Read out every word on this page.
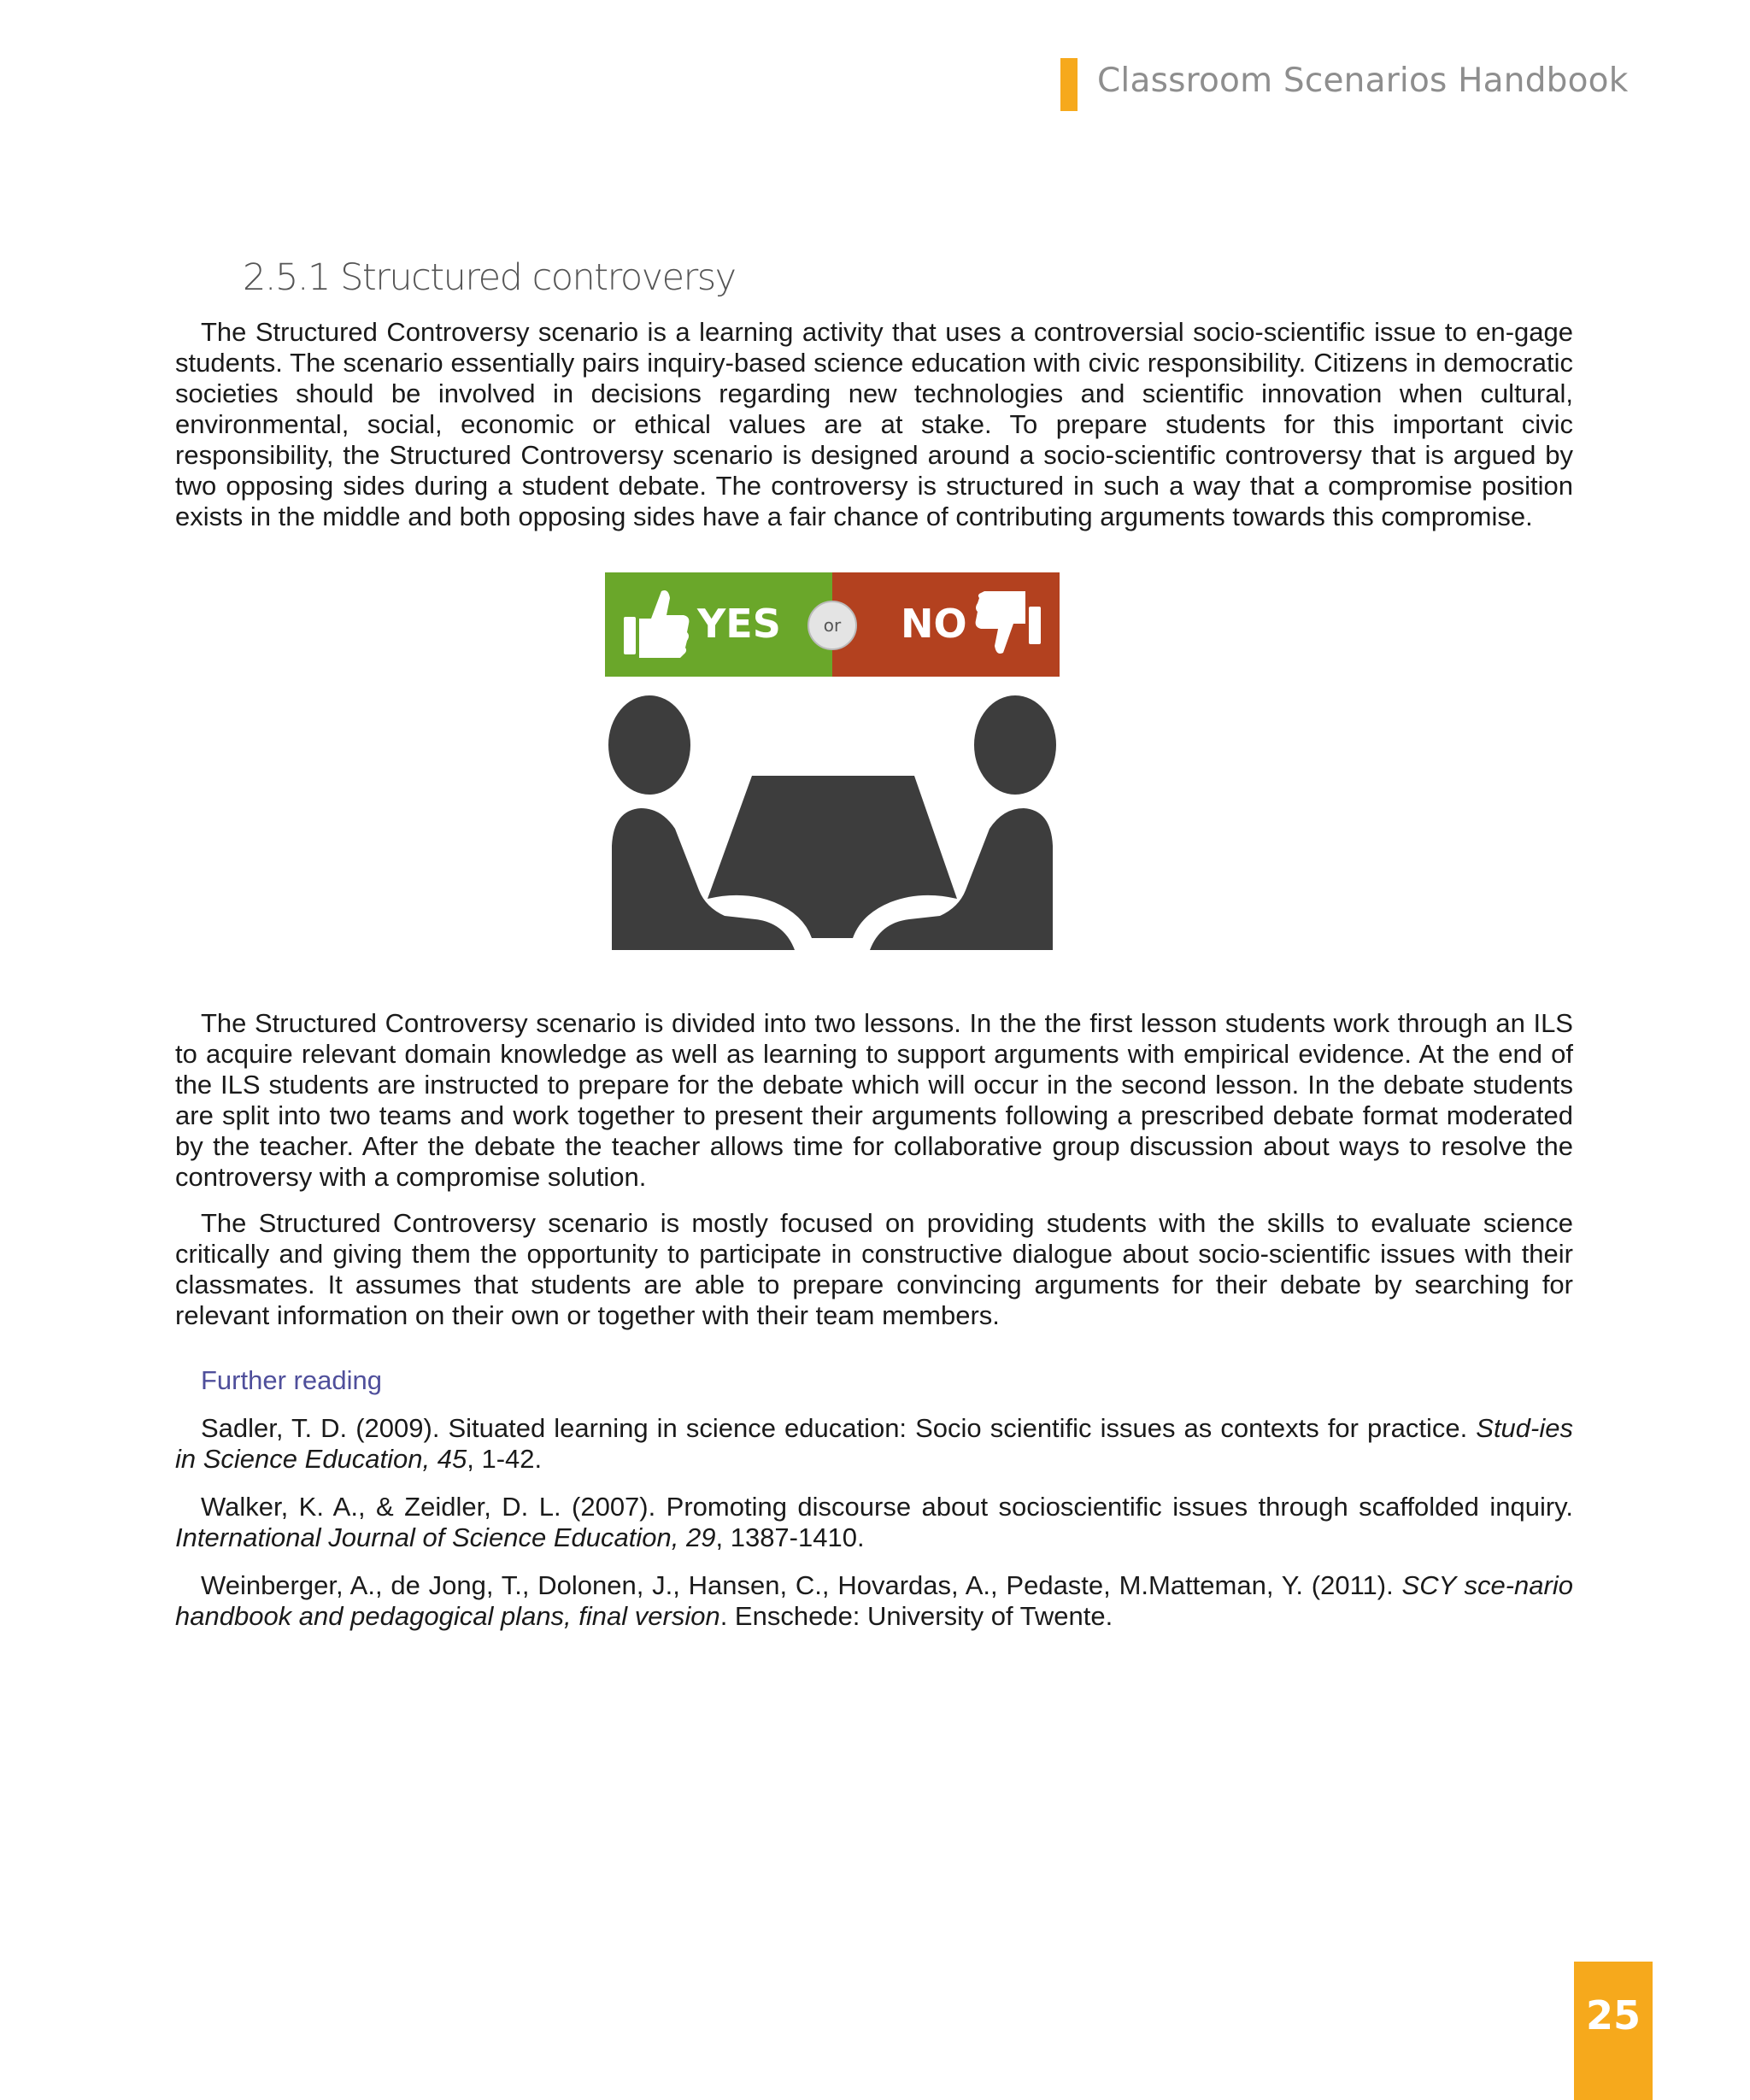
Classroom Scenarios Handbook
2.5.1 Structured controversy

The Structured Controversy scenario is a learning activity that uses a controversial socio-scientific issue to en-gage students. The scenario essentially pairs inquiry-based science education with civic responsibility. Citizens in democratic societies should be involved in decisions regarding new technologies and scientific innovation when cultural, environmental, social, economic or ethical values are at stake. To prepare students for this important civic responsibility, the Structured Controversy scenario is designed around a socio-scientific controversy that is argued by two opposing sides during a student debate. The controversy is structured in such a way that a compromise position exists in the middle and both opposing sides have a fair chance of contributing arguments towards this compromise.

YES or NO

The Structured Controversy scenario is divided into two lessons. In the the first lesson students work through an ILS to acquire relevant domain knowledge as well as learning to support arguments with empirical evidence. At the end of the ILS students are instructed to prepare for the debate which will occur in the second lesson. In the debate students are split into two teams and work together to present their arguments following a prescribed debate format moderated by the teacher. After the debate the teacher allows time for collaborative group discussion about ways to resolve the controversy with a compromise solution.

The Structured Controversy scenario is mostly focused on providing students with the skills to evaluate science critically and giving them the opportunity to participate in constructive dialogue about socio-scientific issues with their classmates. It assumes that students are able to prepare convincing arguments for their debate by searching for relevant information on their own or together with their team members.

Further reading

Sadler, T. D. (2009). Situated learning in science education: Socio scientific issues as contexts for practice. Stud-ies in Science Education, 45, 1-42.

Walker, K. A., & Zeidler, D. L. (2007). Promoting discourse about socioscientific issues through scaffolded inquiry. International Journal of Science Education, 29, 1387-1410.

Weinberger, A., de Jong, T., Dolonen, J., Hansen, C., Hovardas, A., Pedaste, M.Matteman, Y. (2011). SCY sce-nario handbook and pedagogical plans, final version. Enschede: University of Twente.

25
